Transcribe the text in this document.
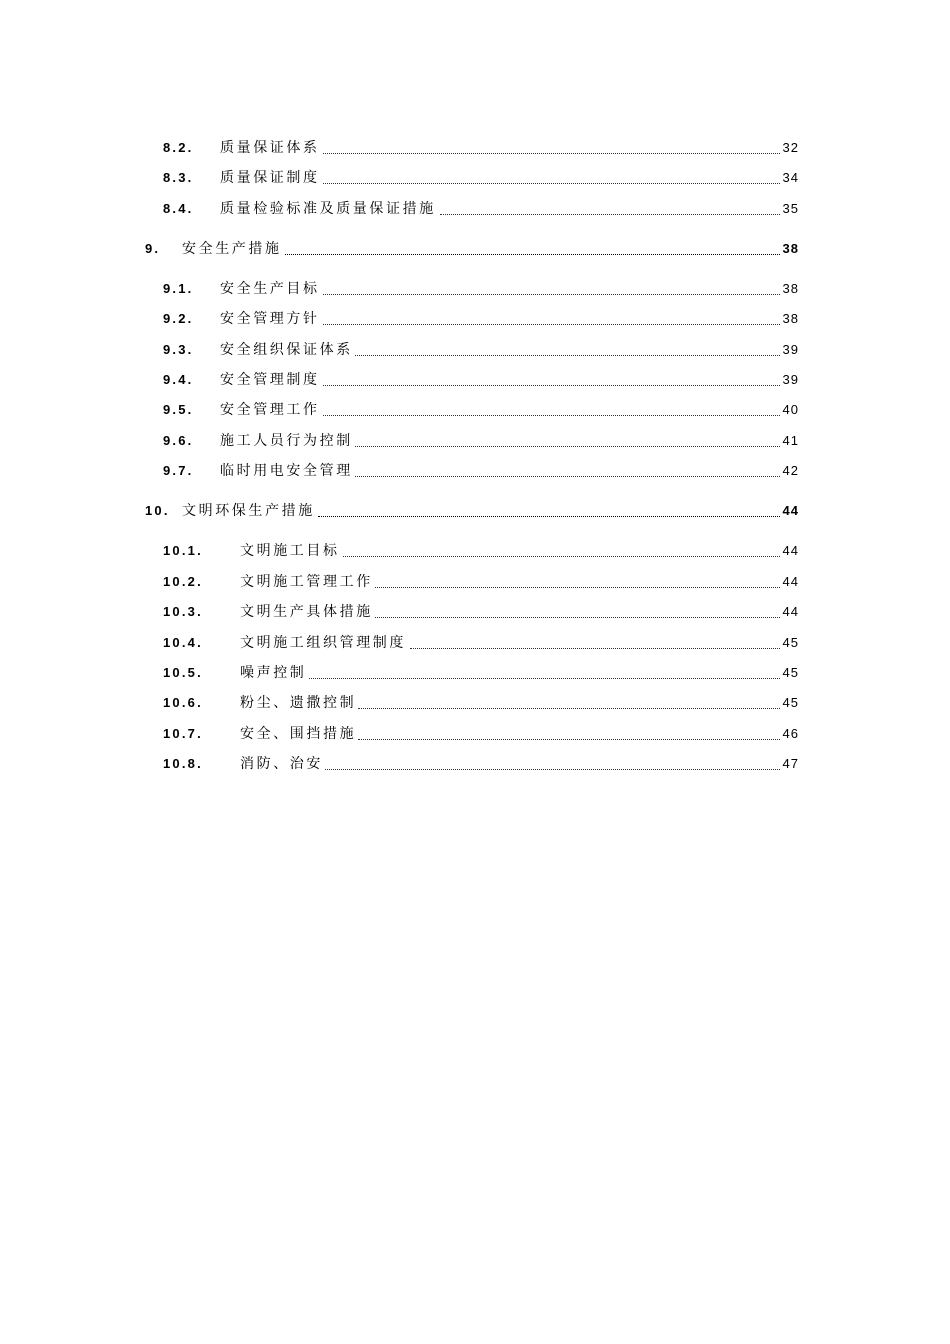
8.2. 质量保证体系	32
8.3. 质量保证制度	34
8.4. 质量检验标准及质量保证措施	35
9. 安全生产措施	38
9.1. 安全生产目标	38
9.2. 安全管理方针	38
9.3. 安全组织保证体系	39
9.4. 安全管理制度	39
9.5. 安全管理工作	40
9.6. 施工人员行为控制	41
9.7. 临时用电安全管理	42
10. 文明环保生产措施	44
10.1.	文明施工目标	44
10.2.	文明施工管理工作	44
10.3.	文明生产具体措施	44
10.4.	文明施工组织管理制度	45
10.5.	噪声控制	45
10.6.	粉尘、遗撒控制	45
10.7.	安全、围挡措施	46
10.8.	消防、治安	47
